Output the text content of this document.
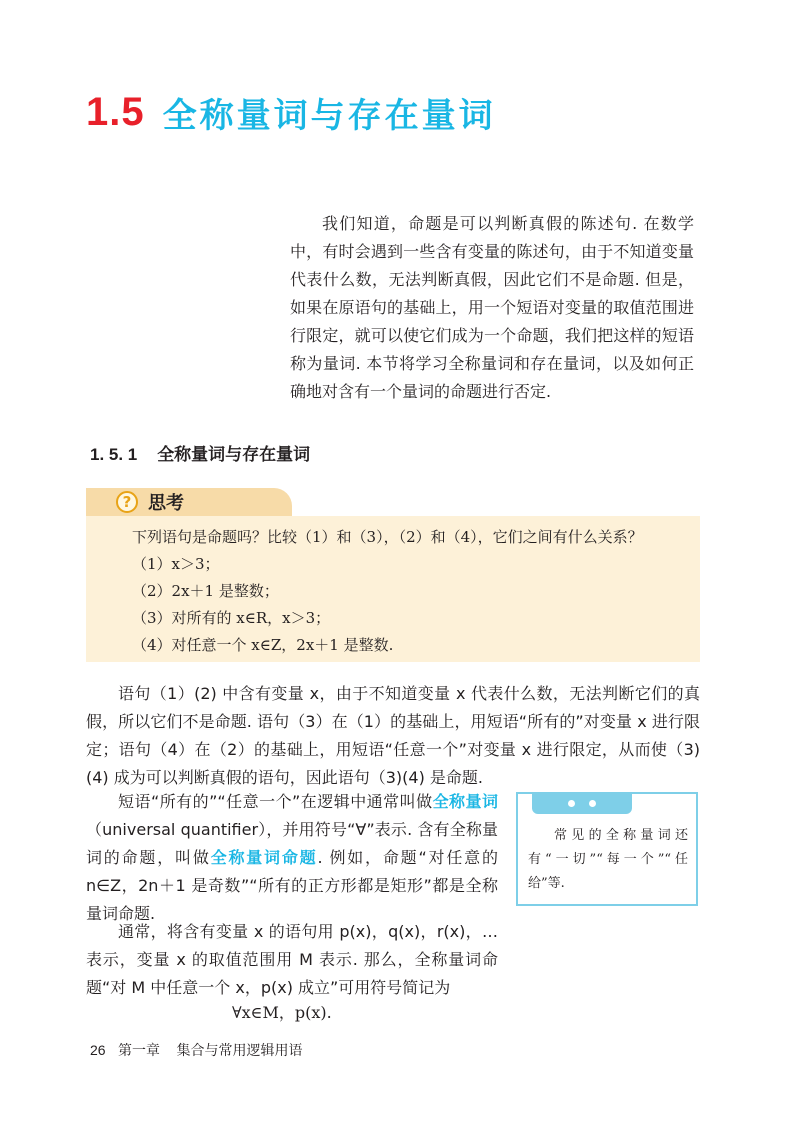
1.5 全称量词与存在量词

我们知道，命题是可以判断真假的陈述句. 在数学中，有时会遇到一些含有变量的陈述句，由于不知道变量代表什么数，无法判断真假，因此它们不是命题. 但是，如果在原语句的基础上，用一个短语对变量的取值范围进行限定，就可以使它们成为一个命题，我们把这样的短语称为量词. 本节将学习全称量词和存在量词，以及如何正确地对含有一个量词的命题进行否定.

1. 5. 1 全称量词与存在量词
? 思考
下列语句是命题吗？比较（1）和（3），（2）和（4），它们之间有什么关系？
（1）x＞3；
（2）2x＋1 是整数；
（3）对所有的 x∈R，x＞3；
（4）对任意一个 x∈Z，2x＋1 是整数.

语句（1）(2) 中含有变量 x，由于不知道变量 x 代表什么数，无法判断它们的真假，所以它们不是命题. 语句（3）在（1）的基础上，用短语“所有的”对变量 x 进行限定；语句（4）在（2）的基础上，用短语“任意一个”对变量 x 进行限定，从而使（3)(4) 成为可以判断真假的语句，因此语句（3)(4) 是命题.

短语“所有的”“任意一个”在逻辑中通常叫做全称量词（universal quantifier），并用符号“∀”表示. 含有全称量词的命题，叫做全称量词命题. 例如，命题“对任意的 n∈Z，2n＋1 是奇数”“所有的正方形都是矩形”都是全称量词命题.

常见的全称量词还有“一切”“每一个”“任给”等.

通常，将含有变量 x 的语句用 p(x)，q(x)，r(x)，… 表示，变量 x 的取值范围用 M 表示. 那么，全称量词命题“对 M 中任意一个 x，p(x) 成立”可用符号简记为

∀x∈M，p(x).
26 第一章 集合与常用逻辑用语
